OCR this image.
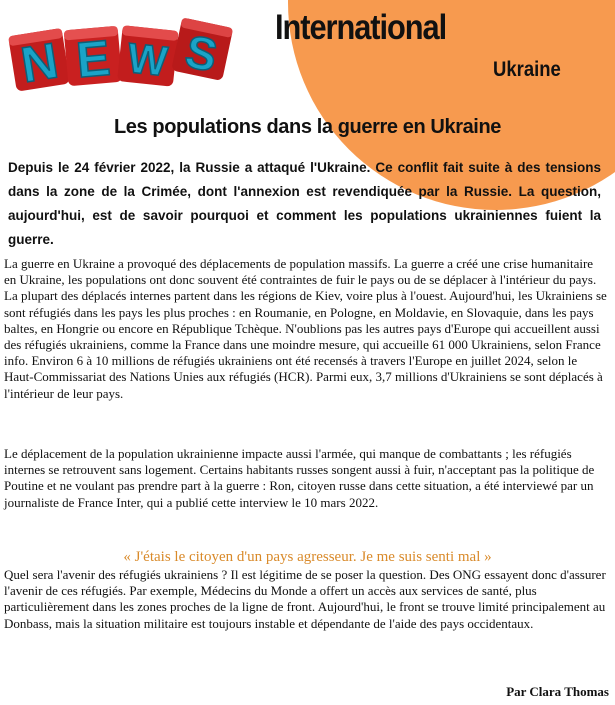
N E W S International
Ukraine
Les populations dans la guerre en Ukraine

Depuis le 24 février 2022, la Russie a attaqué l'Ukraine. Ce conflit fait suite à des tensions dans la zone de la Crimée, dont l'annexion est revendiquée par la Russie. La question, aujourd'hui, est de savoir pourquoi et comment les populations ukrainiennes fuient la guerre.

La guerre en Ukraine a provoqué des déplacements de population massifs. La guerre a créé une crise humanitaire en Ukraine, les populations ont donc souvent été contraintes de fuir le pays ou de se déplacer à l'intérieur du pays. La plupart des déplacés internes partent dans les régions de Kiev, voire plus à l'ouest. Aujourd'hui, les Ukrainiens se sont réfugiés dans les pays les plus proches : en Roumanie, en Pologne, en Moldavie, en Slovaquie, dans les pays baltes, en Hongrie ou encore en République Tchèque. N'oublions pas les autres pays d'Europe qui accueillent aussi des réfugiés ukrainiens, comme la France dans une moindre mesure, qui accueille 61 000 Ukrainiens, selon France info. Environ 6 à 10 millions de réfugiés ukrainiens ont été recensés à travers l'Europe en juillet 2024, selon le Haut-Commissariat des Nations Unies aux réfugiés (HCR). Parmi eux, 3,7 millions d'Ukrainiens se sont déplacés à l'intérieur de leur pays.

Le déplacement de la population ukrainienne impacte aussi l'armée, qui manque de combattants ; les réfugiés internes se retrouvent sans logement. Certains habitants russes songent aussi à fuir, n'acceptant pas la politique de Poutine et ne voulant pas prendre part à la guerre : Ron, citoyen russe dans cette situation, a été interviewé par un journaliste de France Inter, qui a publié cette interview le 10 mars 2022.

« J'étais le citoyen d'un pays agresseur. Je me suis senti mal »

Quel sera l'avenir des réfugiés ukrainiens ? Il est légitime de se poser la question. Des ONG essayent donc d'assurer l'avenir de ces réfugiés. Par exemple, Médecins du Monde a offert un accès aux services de santé, plus particulièrement dans les zones proches de la ligne de front. Aujourd'hui, le front se trouve limité principalement au Donbass, mais la situation militaire est toujours instable et dépendante de l'aide des pays occidentaux.

Par Clara Thomas
